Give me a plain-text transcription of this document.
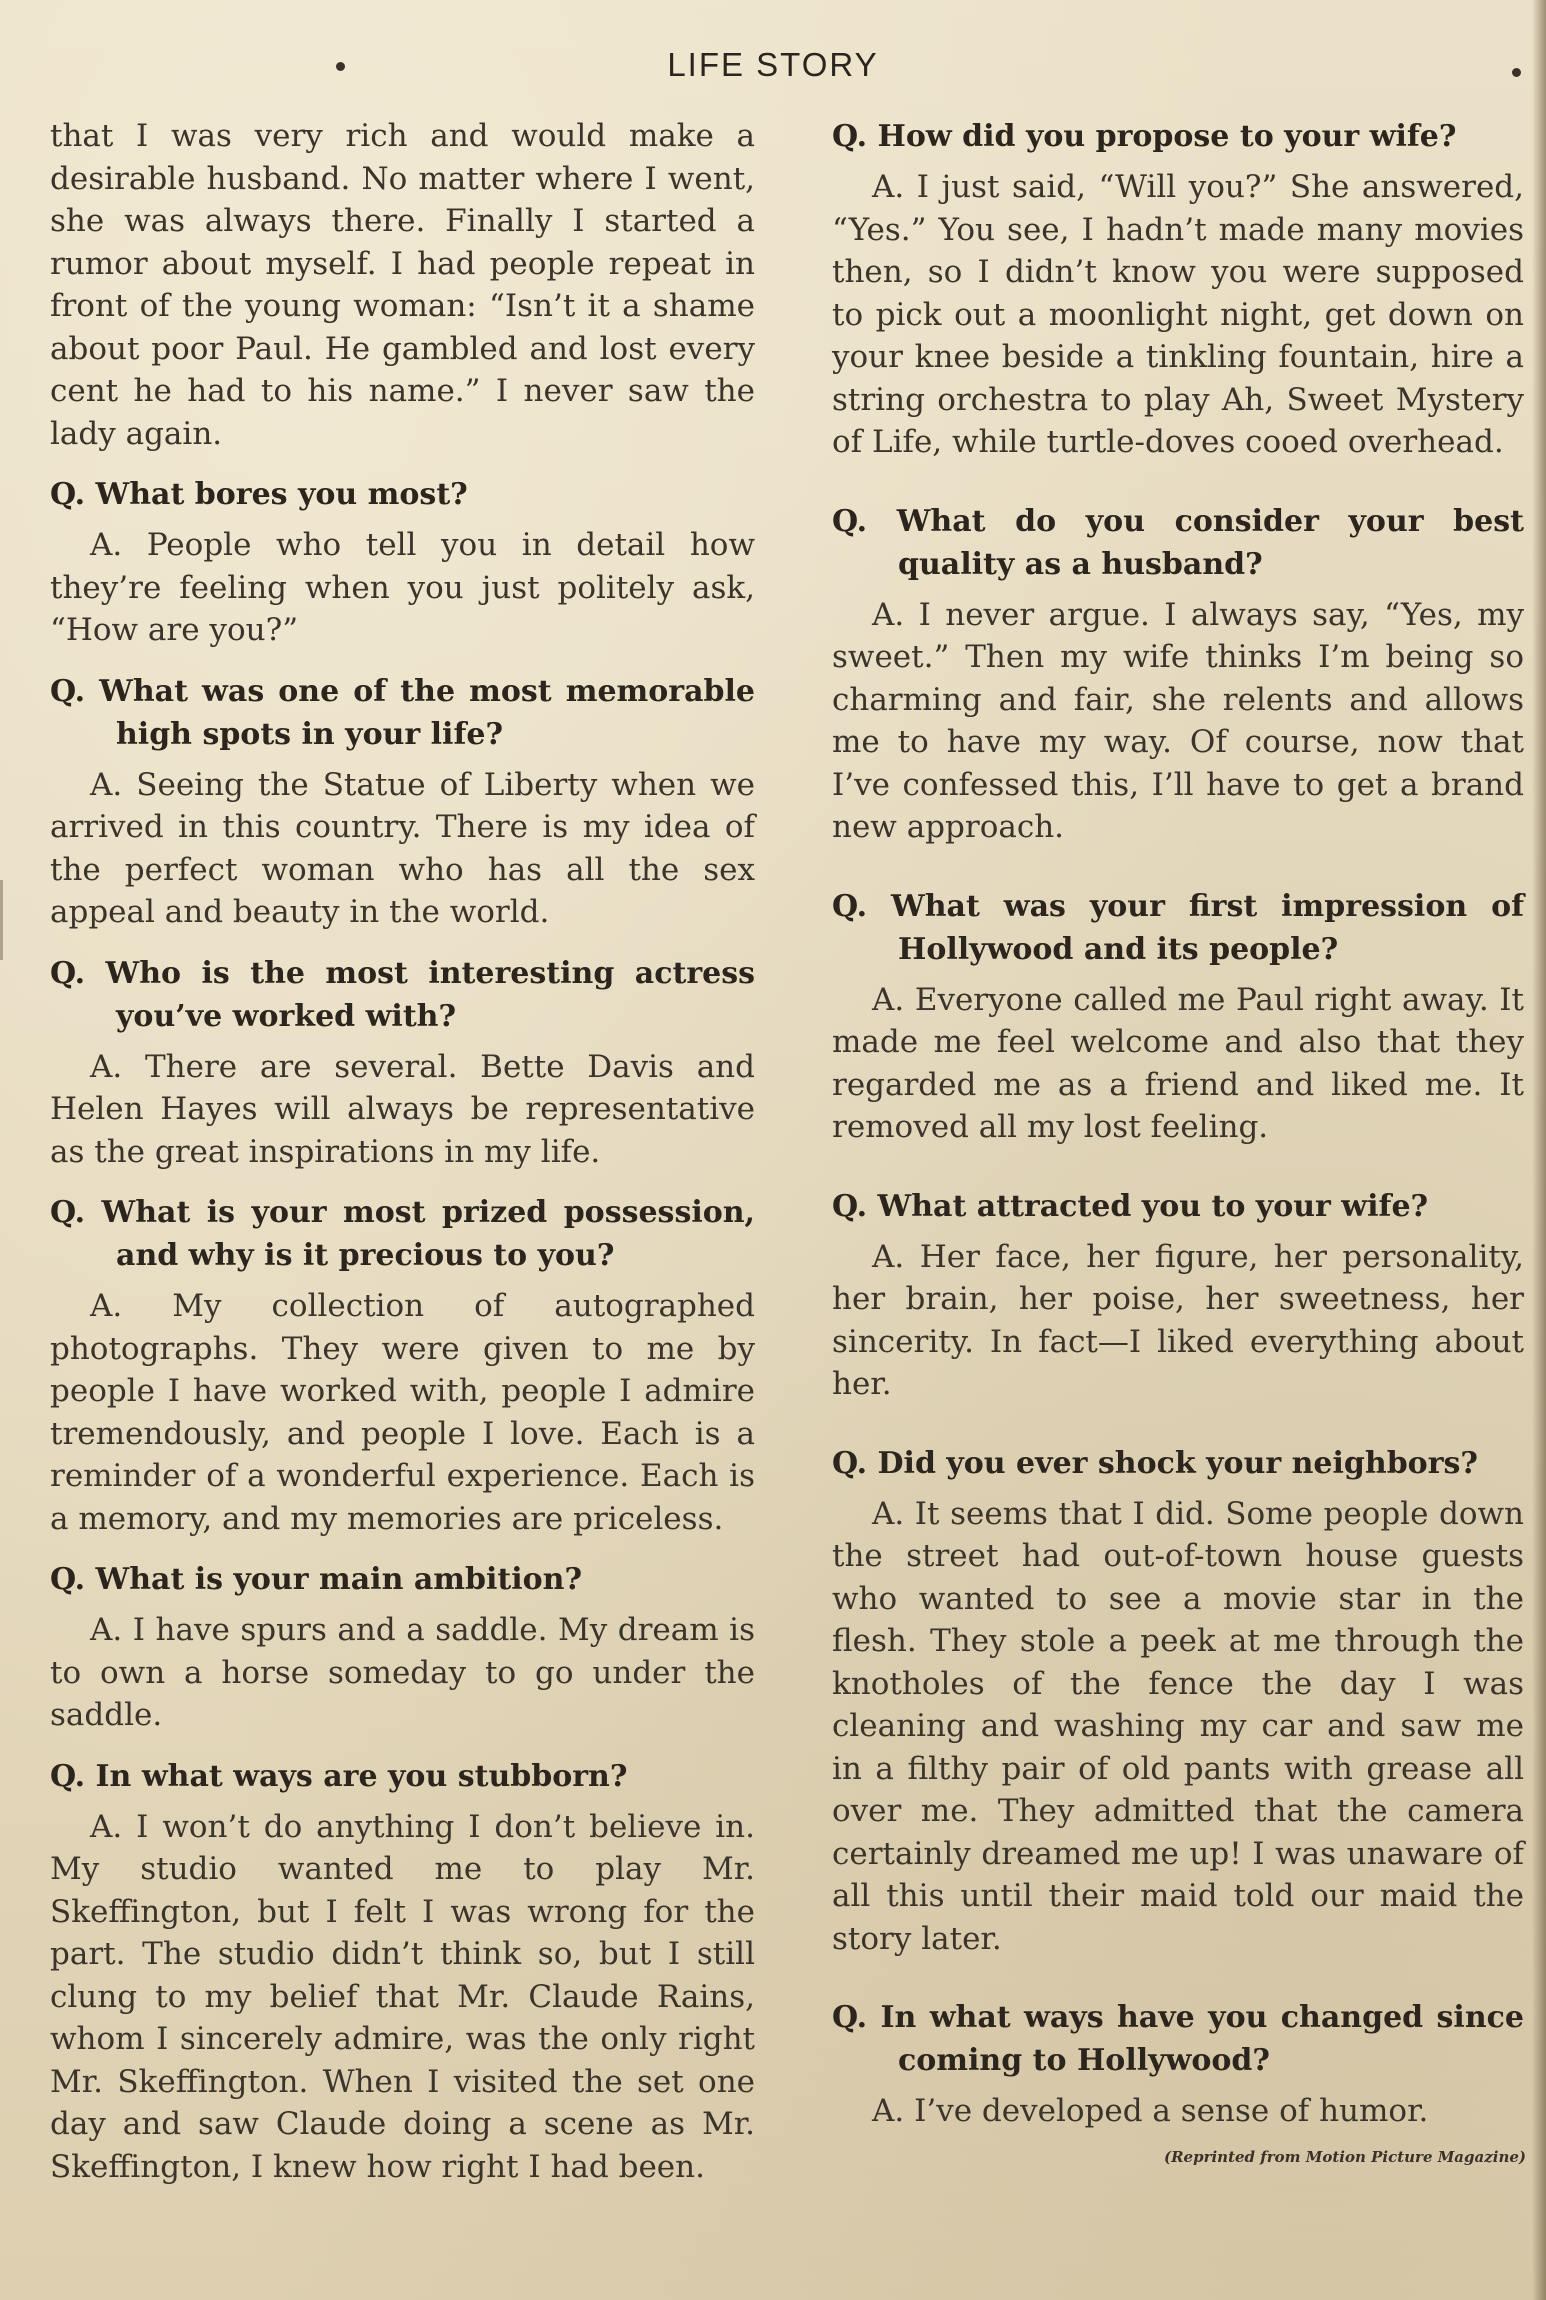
LIFE STORY

that I was very rich and would make a desirable husband. No matter where I went, she was always there. Finally I started a rumor about myself. I had people repeat in front of the young woman: “Isn’t it a shame about poor Paul. He gambled and lost every cent he had to his name.” I never saw the lady again.

Q. What bores you most?

A. People who tell you in detail how they’re feeling when you just politely ask, “How are you?”

Q. What was one of the most memorable high spots in your life?

A. Seeing the Statue of Liberty when we arrived in this country. There is my idea of the perfect woman who has all the sex appeal and beauty in the world.

Q. Who is the most interesting actress you’ve worked with?

A. There are several. Bette Davis and Helen Hayes will always be representative as the great inspirations in my life.

Q. What is your most prized possession, and why is it precious to you?

A. My collection of autographed photographs. They were given to me by people I have worked with, people I admire tremendously, and people I love. Each is a reminder of a wonderful experience. Each is a memory, and my memories are priceless.

Q. What is your main ambition?

A. I have spurs and a saddle. My dream is to own a horse someday to go under the saddle.

Q. In what ways are you stubborn?

A. I won’t do anything I don’t believe in. My studio wanted me to play Mr. Skeffington, but I felt I was wrong for the part. The studio didn’t think so, but I still clung to my belief that Mr. Claude Rains, whom I sincerely admire, was the only right Mr. Skeffington. When I visited the set one day and saw Claude doing a scene as Mr. Skeffington, I knew how right I had been.

Q. How did you propose to your wife?

A. I just said, “Will you?” She answered, “Yes.” You see, I hadn’t made many movies then, so I didn’t know you were supposed to pick out a moonlight night, get down on your knee beside a tinkling fountain, hire a string orchestra to play Ah, Sweet Mystery of Life, while turtle-doves cooed overhead.

Q. What do you consider your best quality as a husband?

A. I never argue. I always say, “Yes, my sweet.” Then my wife thinks I’m being so charming and fair, she relents and allows me to have my way. Of course, now that I’ve confessed this, I’ll have to get a brand new approach.

Q. What was your first impression of Hollywood and its people?

A. Everyone called me Paul right away. It made me feel welcome and also that they regarded me as a friend and liked me. It removed all my lost feeling.

Q. What attracted you to your wife?

A. Her face, her figure, her personality, her brain, her poise, her sweetness, her sincerity. In fact—I liked everything about her.

Q. Did you ever shock your neighbors?

A. It seems that I did. Some people down the street had out-of-town house guests who wanted to see a movie star in the flesh. They stole a peek at me through the knotholes of the fence the day I was cleaning and washing my car and saw me in a filthy pair of old pants with grease all over me. They admitted that the camera certainly dreamed me up! I was unaware of all this until their maid told our maid the story later.

Q. In what ways have you changed since coming to Hollywood?

A. I’ve developed a sense of humor.

(Reprinted from Motion Picture Magazine)
